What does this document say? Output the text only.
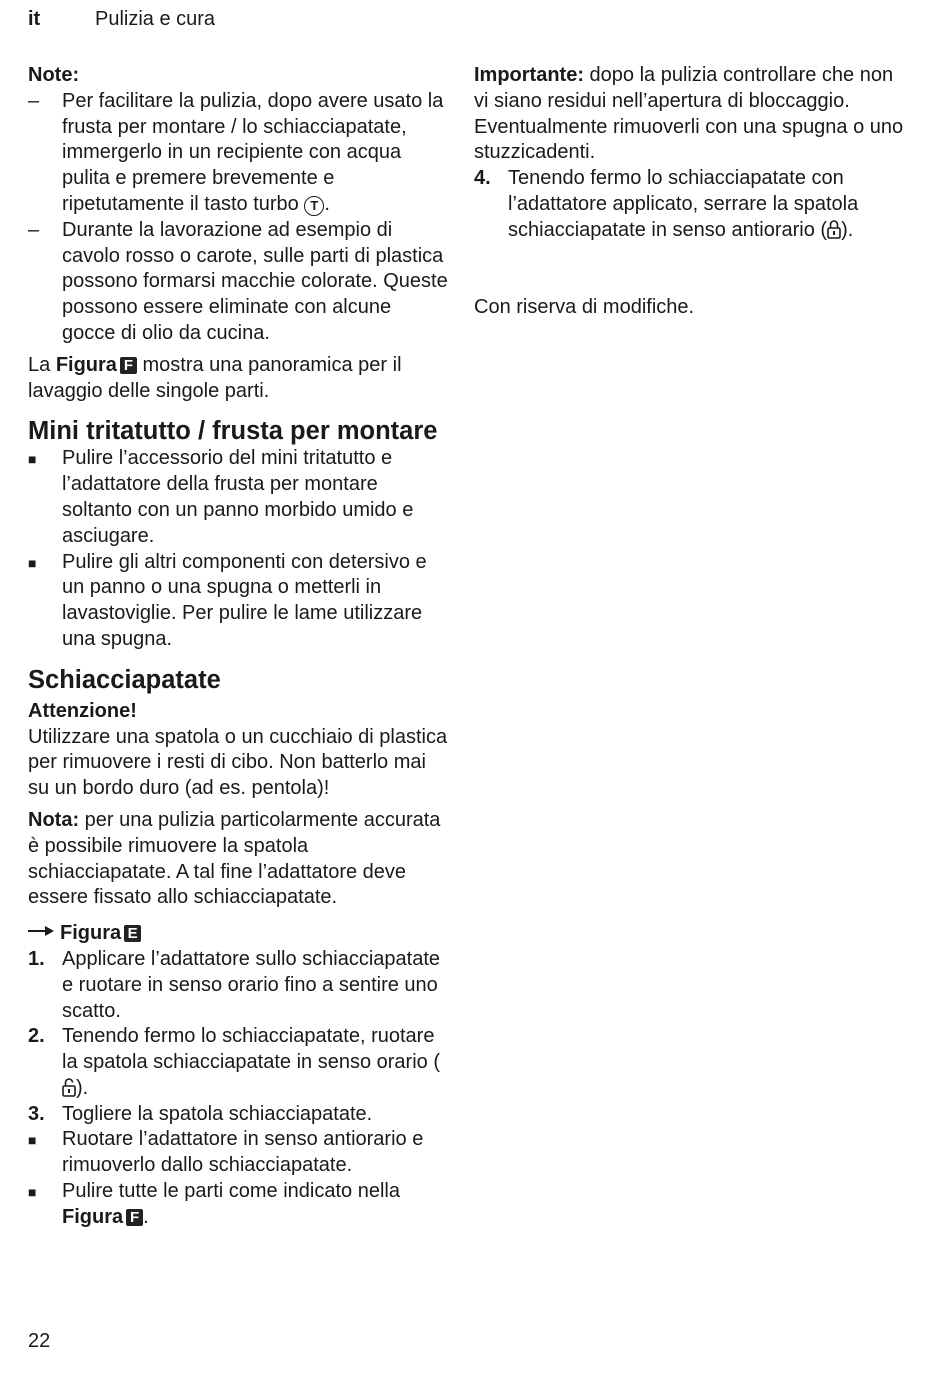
it	Pulizia e cura
Note:
– Per facilitare la pulizia, dopo avere usato la frusta per montare / lo schiacciapatate, immergerlo in un recipiente con acqua pulita e premere brevemente e ripetutamente il tasto turbo T .
– Durante la lavorazione ad esempio di cavolo rosso o carote, sulle parti di plastica possono formarsi macchie colorate. Queste possono essere eliminate con alcune gocce di olio da cucina.

La Figura F mostra una panoramica per il lavaggio delle singole parti.

Mini tritatutto / frusta per montare
■ Pulire l’accessorio del mini tritatutto e l’adattatore della frusta per montare soltanto con un panno morbido umido e asciugare.
■ Pulire gli altri componenti con detersivo e un panno o una spugna o metterli in lavastoviglie. Per pulire le lame utilizzare una spugna.
Schiacciapatate
Attenzione!

Utilizzare una spatola o un cucchiaio di plastica per rimuovere i resti di cibo. Non batterlo mai su un bordo duro (ad es. pentola)!

Nota: per una pulizia particolarmente accurata è possibile rimuovere la spatola schiacciapatate. A tal fine l’adattatore deve essere fissato allo schiacciapatate.

Figura E

1. Applicare l’adattatore sullo schiacciapatate e ruotare in senso orario fino a sentire uno scatto.
2. Tenendo fermo lo schiacciapatate, ruotare la spatola schiacciapatate in senso orario ().
3. Togliere la spatola schiacciapatate.
■ Ruotare l’adattatore in senso antiorario e rimuoverlo dallo schiacciapatate.
■ Pulire tutte le parti come indicato nella Figura F .

Importante: dopo la pulizia controllare che non vi siano residui nell’apertura di bloccaggio. Eventualmente rimuoverli con una spugna o uno stuzzicadenti.

4. Tenendo fermo lo schiacciapatate con l’adattatore applicato, serrare la spatola schiacciapatate in senso antiorario ( ).

Con riserva di modifiche.

22
